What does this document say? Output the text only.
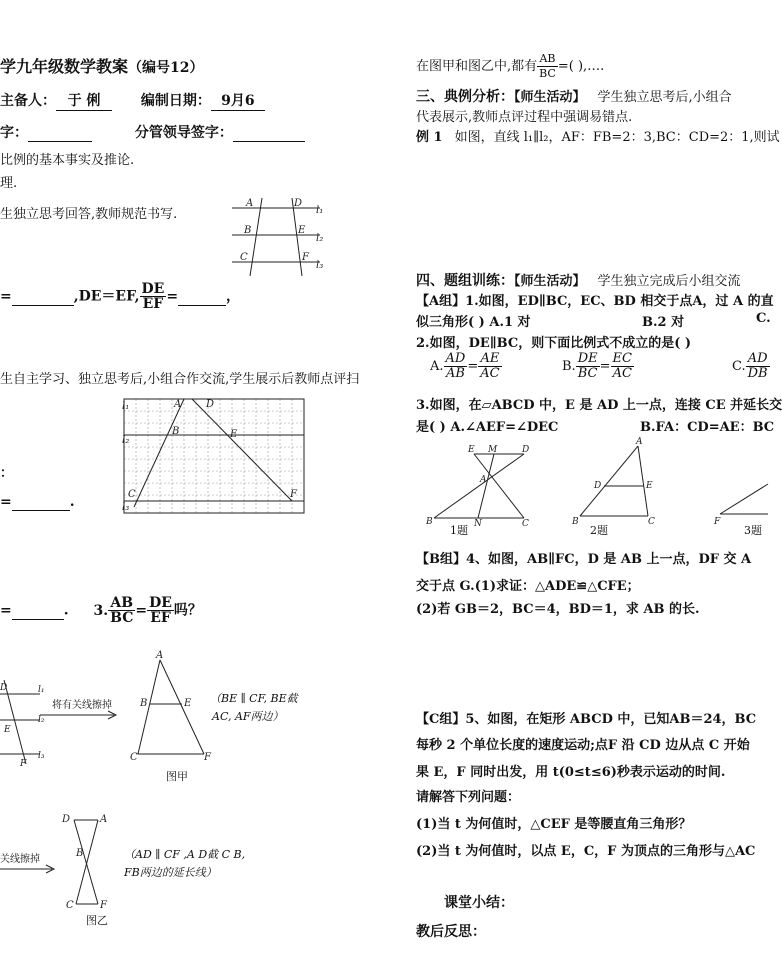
学九年级数学教案（编号12）
主备人： 于 俐	编制日期： 9月6
字：	分管领导签字：
比例的基本事实及推论.
理.
生独立思考回答,教师规范书写.
A	D
l₁
B	E
l₂
C	F
l₃
=	,DE＝EF, $\frac{DE}{EF}$ =	，
生自主学习、独立思考后,小组合作交流,学生展示后教师点评扫
：
=	.
A D
l₁
B	E
l₂
C	F
l₃
=	. 3. $\frac{AB}{BC} = \frac{DE}{EF}$ 吗？
D	l₁
E
l₂
F
l₃
将有关线擦掉
A
B	E
C	F
（BE ∥ CF, BE截
AC, AF两边）
图甲
关线擦掉
D	A
B
C	F
（AD ∥ CF ,A D截 C B,
FB两边的延长线）
图乙
在图甲和图乙中,都有 $\frac{AB}{BC}$ =( ),….
三、典例分析：【师生活动】 学生独立思考后,小组合
代表展示,教师点评过程中强调易错点.
例 1 如图，直线 l₁∥l₂，AF：FB=2：3,BC：CD=2：1,则试
四、题组训练：【师生活动】 学生独立完成后小组交流
【A组】1.如图，ED∥BC，EC、BD 相交于点A，过 A 的直
似三角形( ) A.1 对	B.2 对	C.
2.如图，DE∥BC，则下面比例式不成立的是( )
A. $\frac{AD}{AB} = \frac{AE}{AC}$	B. $\frac{DE}{BC} = \frac{EC}{AC}$	C. $\frac{AD}{DB}$
3.如图，在▱ABCD 中，E 是 AD 上一点，连接 CE 并延长交
是( ) A.∠AEF=∠DEC	B.FA：CD=AE：BC
E M	D
A
B	N	C
1题
A
D	E
B	C
2题
F
3题
【B组】4、如图，AB∥FC，D 是 AB 上一点，DF 交 A
交于点 G.(1)求证：△ADE≌△CFE；
(2)若 GB＝2，BC＝4，BD＝1，求 AB 的长.
【C组】5、如图，在矩形 ABCD 中，已知AB＝24，BC
每秒 2 个单位长度的速度运动;点F 沿 CD 边从点 C 开始
果 E，F 同时出发，用 t(0≤t≤6)秒表示运动的时间.
请解答下列问题：
(1)当 t 为何值时，△CEF 是等腰直角三角形？
(2)当 t 为何值时，以点 E，C，F 为顶点的三角形与△AC
课堂小结：
教后反思：
